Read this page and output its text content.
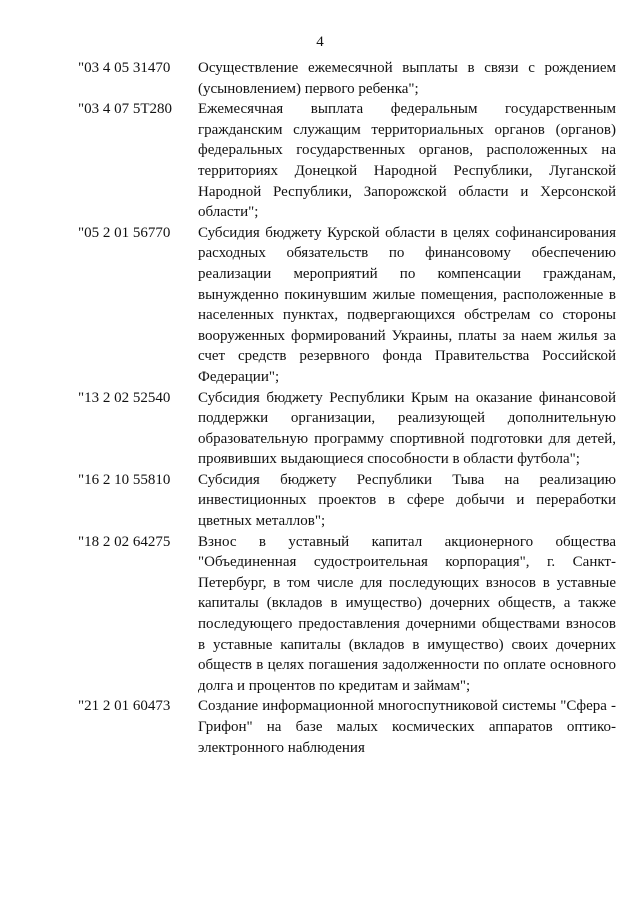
4
"03 4 05 31470	Осуществление ежемесячной выплаты в связи с рождением (усыновлением) первого ребенка";
"03 4 07 5Т280	Ежемесячная выплата федеральным государственным гражданским служащим территориальных органов (органов) федеральных государственных органов, расположенных на территориях Донецкой Народной Республики, Луганской Народной Республики, Запорожской области и Херсонской области";
"05 2 01 56770	Субсидия бюджету Курской области в целях софинансирования расходных обязательств по финансовому обеспечению реализации мероприятий по компенсации гражданам, вынужденно покинувшим жилые помещения, расположенные в населенных пунктах, подвергающихся обстрелам со стороны вооруженных формирований Украины, платы за наем жилья за счет средств резервного фонда Правительства Российской Федерации";
"13 2 02 52540	Субсидия бюджету Республики Крым на оказание финансовой поддержки организации, реализующей дополнительную образовательную программу спортивной подготовки для детей, проявивших выдающиеся способности в области футбола";
"16 2 10 55810	Субсидия бюджету Республики Тыва на реализацию инвестиционных проектов в сфере добычи и переработки цветных металлов";
"18 2 02 64275	Взнос в уставный капитал акционерного общества "Объединенная судостроительная корпорация", г. Санкт-Петербург, в том числе для последующих взносов в уставные капиталы (вкладов в имущество) дочерних обществ, а также последующего предоставления дочерними обществами взносов в уставные капиталы (вкладов в имущество) своих дочерних обществ в целях погашения задолженности по оплате основного долга и процентов по кредитам и займам";
"21 2 01 60473	Создание информационной многоспутниковой системы "Сфера - Грифон" на базе малых космических аппаратов оптико-электронного наблюдения
